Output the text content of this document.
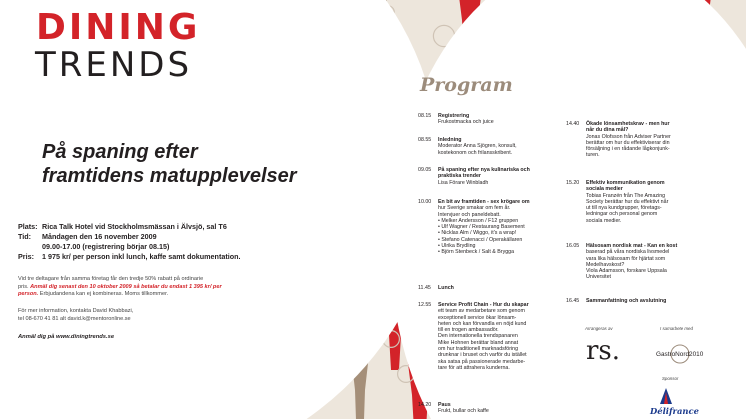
DINING
TRENDS
På spaning efter
framtidens matupplevelser
Plats: Rica Talk Hotel vid Stockholmsmässan i Älvsjö, sal T6
Tid:	Måndagen den 16 november 2009
09.00-17.00 (registrering börjar 08.15)
Pris:	1 975 kr/ per person inkl lunch, kaffe samt dokumentation.
Vid tre deltagare från samma företag får den tredje 50% rabatt på ordinarie
pris. Anmäl dig senast den 10 oktober 2009 så betalar du endast 1 395 kr/ per
person. Erbjudandena kan ej kombineras. Moms tillkommer.
För mer information, kontakta David Khabbazi,
tel 08-670 41 81 alt david.k@mentoronline.se
Anmäl dig på www.diningtrends.se
Program
08.15	Registrering
Frukostmacka och juice
08.55	Inledning
Moderator Anna Sjögren, konsult,
kostekonom och frilansskribent.
09.05	På spaning efter nya kulinariska och
praktiska trender
Lisa Förare Winbladh
10.00	En bit av framtiden - sex krögare om
hur Sverige smakar om fem år.
Intervjuer och paneldebatt.
• Melker Andersson / F12 gruppen
• Ulf Wagner / Restaurang Basement
• Nicklas Alm / Wiggo, it's a wrap!
• Stefano Catenacci / Operakällaren
• Ulrika Brydling
• Björn Stenbeck / Salt & Brygga
11.45	Lunch
12.55	Service Profit Chain - Hur du skapar
ett team av medarbetare som genom
exceptionell service ökar lönsam-
heten och kan förvandla en nöjd kund
till en trogen ambassadör.
Den internationella trendspanaren
Mike Hohnen berättar bland annat
om hur traditionell marknadsföring
drunknar i bruset och varför du istället
ska satsa på passionerade medarbe-
tare för att attrahera kunderna.
14.20	Paus
Frukt, bullar och kaffe
14.40	Ökade lönsamhetskrav - men hur
når du dina mål?
Jonas Olofsson från Adviser Partner
berättar om hur du effektiviserar din
försäljning i en rådande lågkonjunk-
turen.
15.20	Effektiv kommunikation genom
sociala medier
Tobias Franzén från The Amazing
Society berättar hur du effektivt når
ut till nya kundgrupper, företags-
ledningar och personal genom
sociala medier.
16.05	Hälsosam nordisk mat - Kan en kost
baserad på våra nordiska livsmedel
vara lika hälsosam för hjärtat som
Medelhavskost?
Viola Adamsson, forskare Uppsala
Universitet
16.45	Sammanfattning och avslutning
Arrangeras av	I samarbete med
Sponsor
rs.	GastroNord2010
Délifrance
